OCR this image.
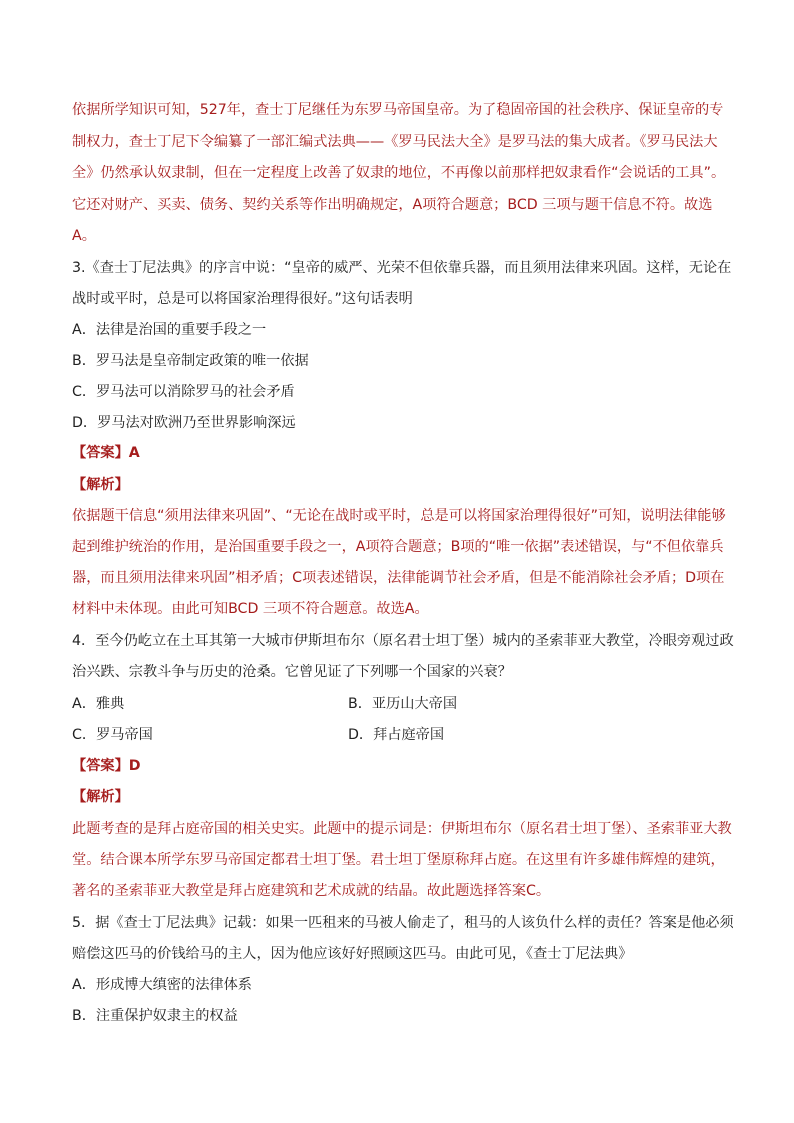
依据所学知识可知，527年，查士丁尼继任为东罗马帝国皇帝。为了稳固帝国的社会秩序、保证皇帝的专

制权力，查士丁尼下令编纂了一部汇编式法典——《罗马民法大全》是罗马法的集大成者。《罗马民法大

全》仍然承认奴隶制，但在一定程度上改善了奴隶的地位，不再像以前那样把奴隶看作“会说话的工具”。

它还对财产、买卖、债务、契约关系等作出明确规定，A项符合题意；BCD 三项与题干信息不符。故选

A。

3.《查士丁尼法典》的序言中说：“皇帝的威严、光荣不但依靠兵器，而且须用法律来巩固。这样，无论在

战时或平时，总是可以将国家治理得很好。”这句话表明

A．法律是治国的重要手段之一

B．罗马法是皇帝制定政策的唯一依据

C．罗马法可以消除罗马的社会矛盾

D．罗马法对欧洲乃至世界影响深远

【答案】A

【解析】

依据题干信息“须用法律来巩固”、“无论在战时或平时，总是可以将国家治理得很好”可知，说明法律能够

起到维护统治的作用，是治国重要手段之一，A项符合题意；B项的“唯一依据”表述错误，与“不但依靠兵

器，而且须用法律来巩固”相矛盾；C项表述错误，法律能调节社会矛盾，但是不能消除社会矛盾；D项在

材料中未体现。由此可知BCD 三项不符合题意。故选A。

4．至今仍屹立在土耳其第一大城市伊斯坦布尔（原名君士坦丁堡）城内的圣索菲亚大教堂，冷眼旁观过政

治兴跌、宗教斗争与历史的沧桑。它曾见证了下列哪一个国家的兴衰？

A．雅典	B．亚历山大帝国

C．罗马帝国	D．拜占庭帝国

【答案】D

【解析】

此题考查的是拜占庭帝国的相关史实。此题中的提示词是：伊斯坦布尔（原名君士坦丁堡）、圣索菲亚大教

堂。结合课本所学东罗马帝国定都君士坦丁堡。君士坦丁堡原称拜占庭。在这里有许多雄伟辉煌的建筑，

著名的圣索菲亚大教堂是拜占庭建筑和艺术成就的结晶。故此题选择答案C。

5．据《查士丁尼法典》记载：如果一匹租来的马被人偷走了，租马的人该负什么样的责任？答案是他必须

赔偿这匹马的价钱给马的主人，因为他应该好好照顾这匹马。由此可见，《查士丁尼法典》

A．形成博大缜密的法律体系

B．注重保护奴隶主的权益
